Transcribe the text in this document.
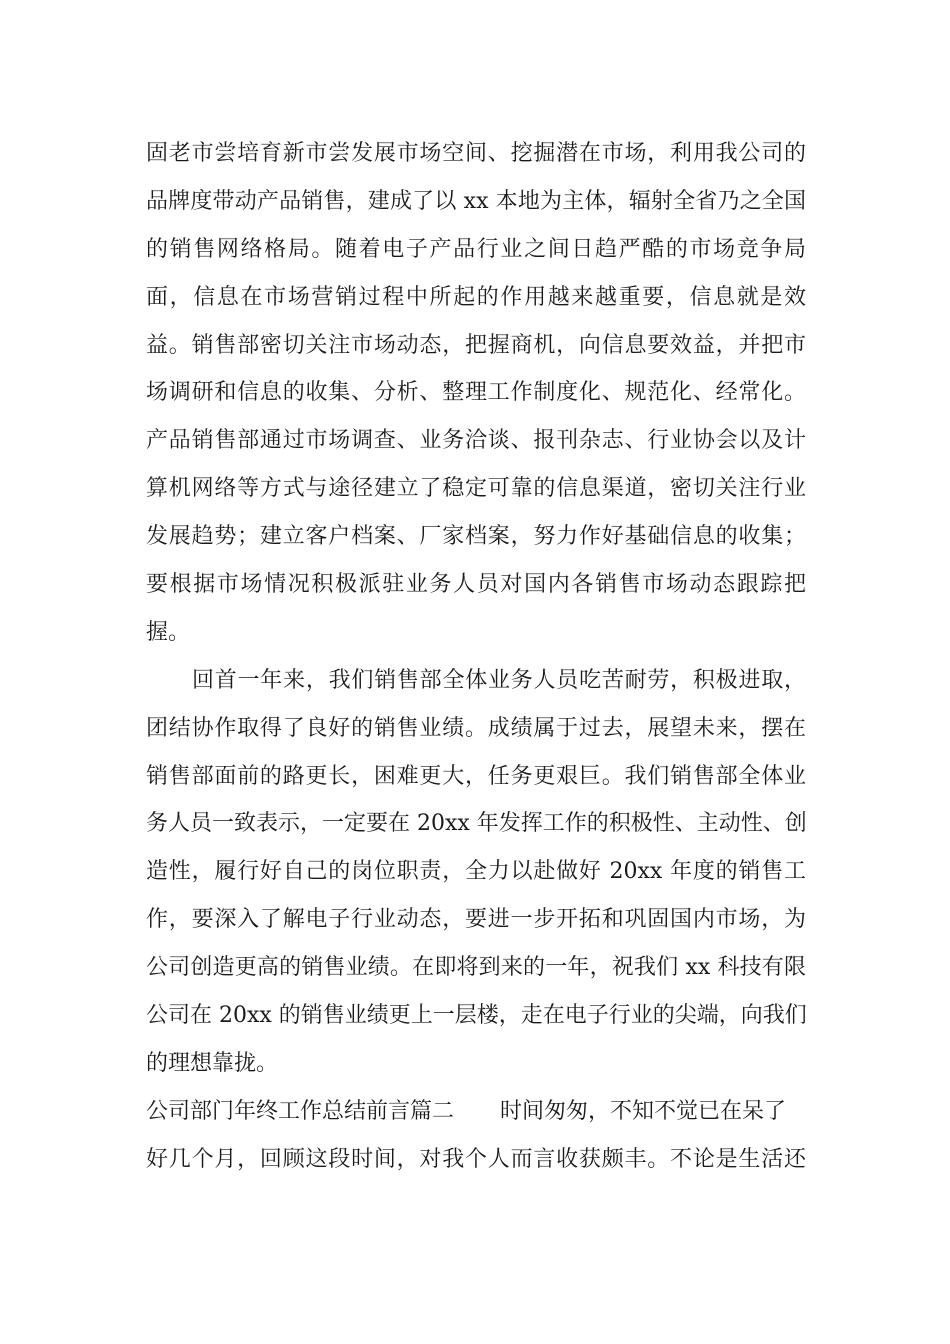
固老市尝培育新市尝发展市场空间、挖掘潜在市场，利用我公司的
品牌度带动产品销售，建成了以 xx 本地为主体，辐射全省乃之全国
的销售网络格局。随着电子产品行业之间日趋严酷的市场竞争局
面，信息在市场营销过程中所起的作用越来越重要，信息就是效
益。销售部密切关注市场动态，把握商机，向信息要效益，并把市
场调研和信息的收集、分析、整理工作制度化、规范化、经常化。
产品销售部通过市场调查、业务洽谈、报刊杂志、行业协会以及计
算机网络等方式与途径建立了稳定可靠的信息渠道，密切关注行业
发展趋势；建立客户档案、厂家档案，努力作好基础信息的收集；
要根据市场情况积极派驻业务人员对国内各销售市场动态跟踪把
握。
回首一年来，我们销售部全体业务人员吃苦耐劳，积极进取，
团结协作取得了良好的销售业绩。成绩属于过去，展望未来，摆在
销售部面前的路更长，困难更大，任务更艰巨。我们销售部全体业
务人员一致表示，一定要在 20xx 年发挥工作的积极性、主动性、创
造性，履行好自己的岗位职责，全力以赴做好 20xx 年度的销售工
作，要深入了解电子行业动态，要进一步开拓和巩固国内市场，为
公司创造更高的销售业绩。在即将到来的一年，祝我们 xx 科技有限
公司在 20xx 的销售业绩更上一层楼，走在电子行业的尖端，向我们
的理想靠拢。
公司部门年终工作总结前言篇二 时间匆匆，不知不觉已在呆了
好几个月，回顾这段时间，对我个人而言收获颇丰。不论是生活还
